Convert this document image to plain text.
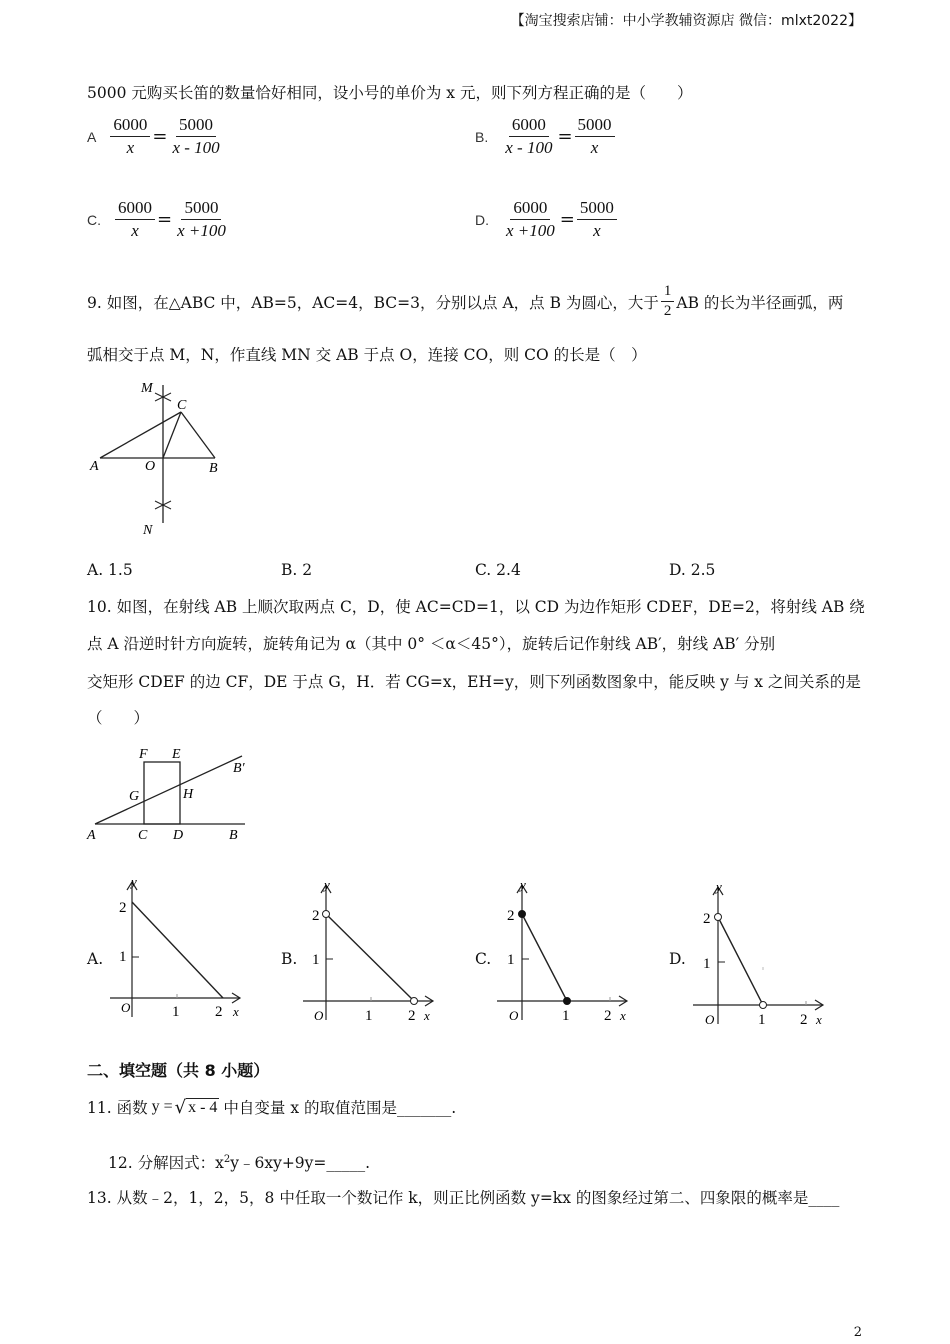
【淘宝搜索店铺：中小学教辅资源店 微信：mlxt2022】
5000 元购买长笛的数量恰好相同，设小号的单价为 x 元，则下列方程正确的是（　　）
A $\frac{6000}{x} = \frac{5000}{x - 100}$	B. $\frac{6000}{x - 100} = \frac{5000}{x}$
C. $\frac{6000}{x} = \frac{5000}{x +100}$	D. $\frac{6000}{x +100} = \frac{5000}{x}$
9. 如图，在△ABC 中，AB=5，AC=4，BC=3，分别以点 A，点 B 为圆心，大于 $\frac{1}{2}$ AB 的长为半径画弧，两
弧相交于点 M，N，作直线 MN 交 AB 于点 O，连接 CO，则 CO 的长是（　）
M
C
A	O	B
N
A. 1.5	B. 2	C. 2.4	D. 2.5
10. 如图，在射线 AB 上顺次取两点 C，D，使 AC=CD=1，以 CD 为边作矩形 CDEF，DE=2，将射线 AB 绕
点 A 沿逆时针方向旋转，旋转角记为 α（其中 0° ＜α＜45°），旋转后记作射线 AB′，射线 AB′ 分别
交矩形 CDEF 的边 CF，DE 于点 G，H．若 CG=x，EH=y，则下列函数图象中，能反映 y 与 x 之间关系的是
（　　）
F E
B′
G	H
A	C D	B
A.
y
O
1
2
1 2 x
B.
y
O
1
2
1 2 x
C.
y
O
1
2
1 2 x
D.
y
O
1
2
1 2 x
二、填空题（共 8 小题）
11. 函数 y = √ x - 4 中自变量 x 的取值范围是_______.
12. 分解因式：$x^2y﹣6xy+9y=\_\_\_\_\_$.
13. 从数﹣2，1，2，5，8 中任取一个数记作 k，则正比例函数 y=kx 的图象经过第二、四象限的概率是____
2
